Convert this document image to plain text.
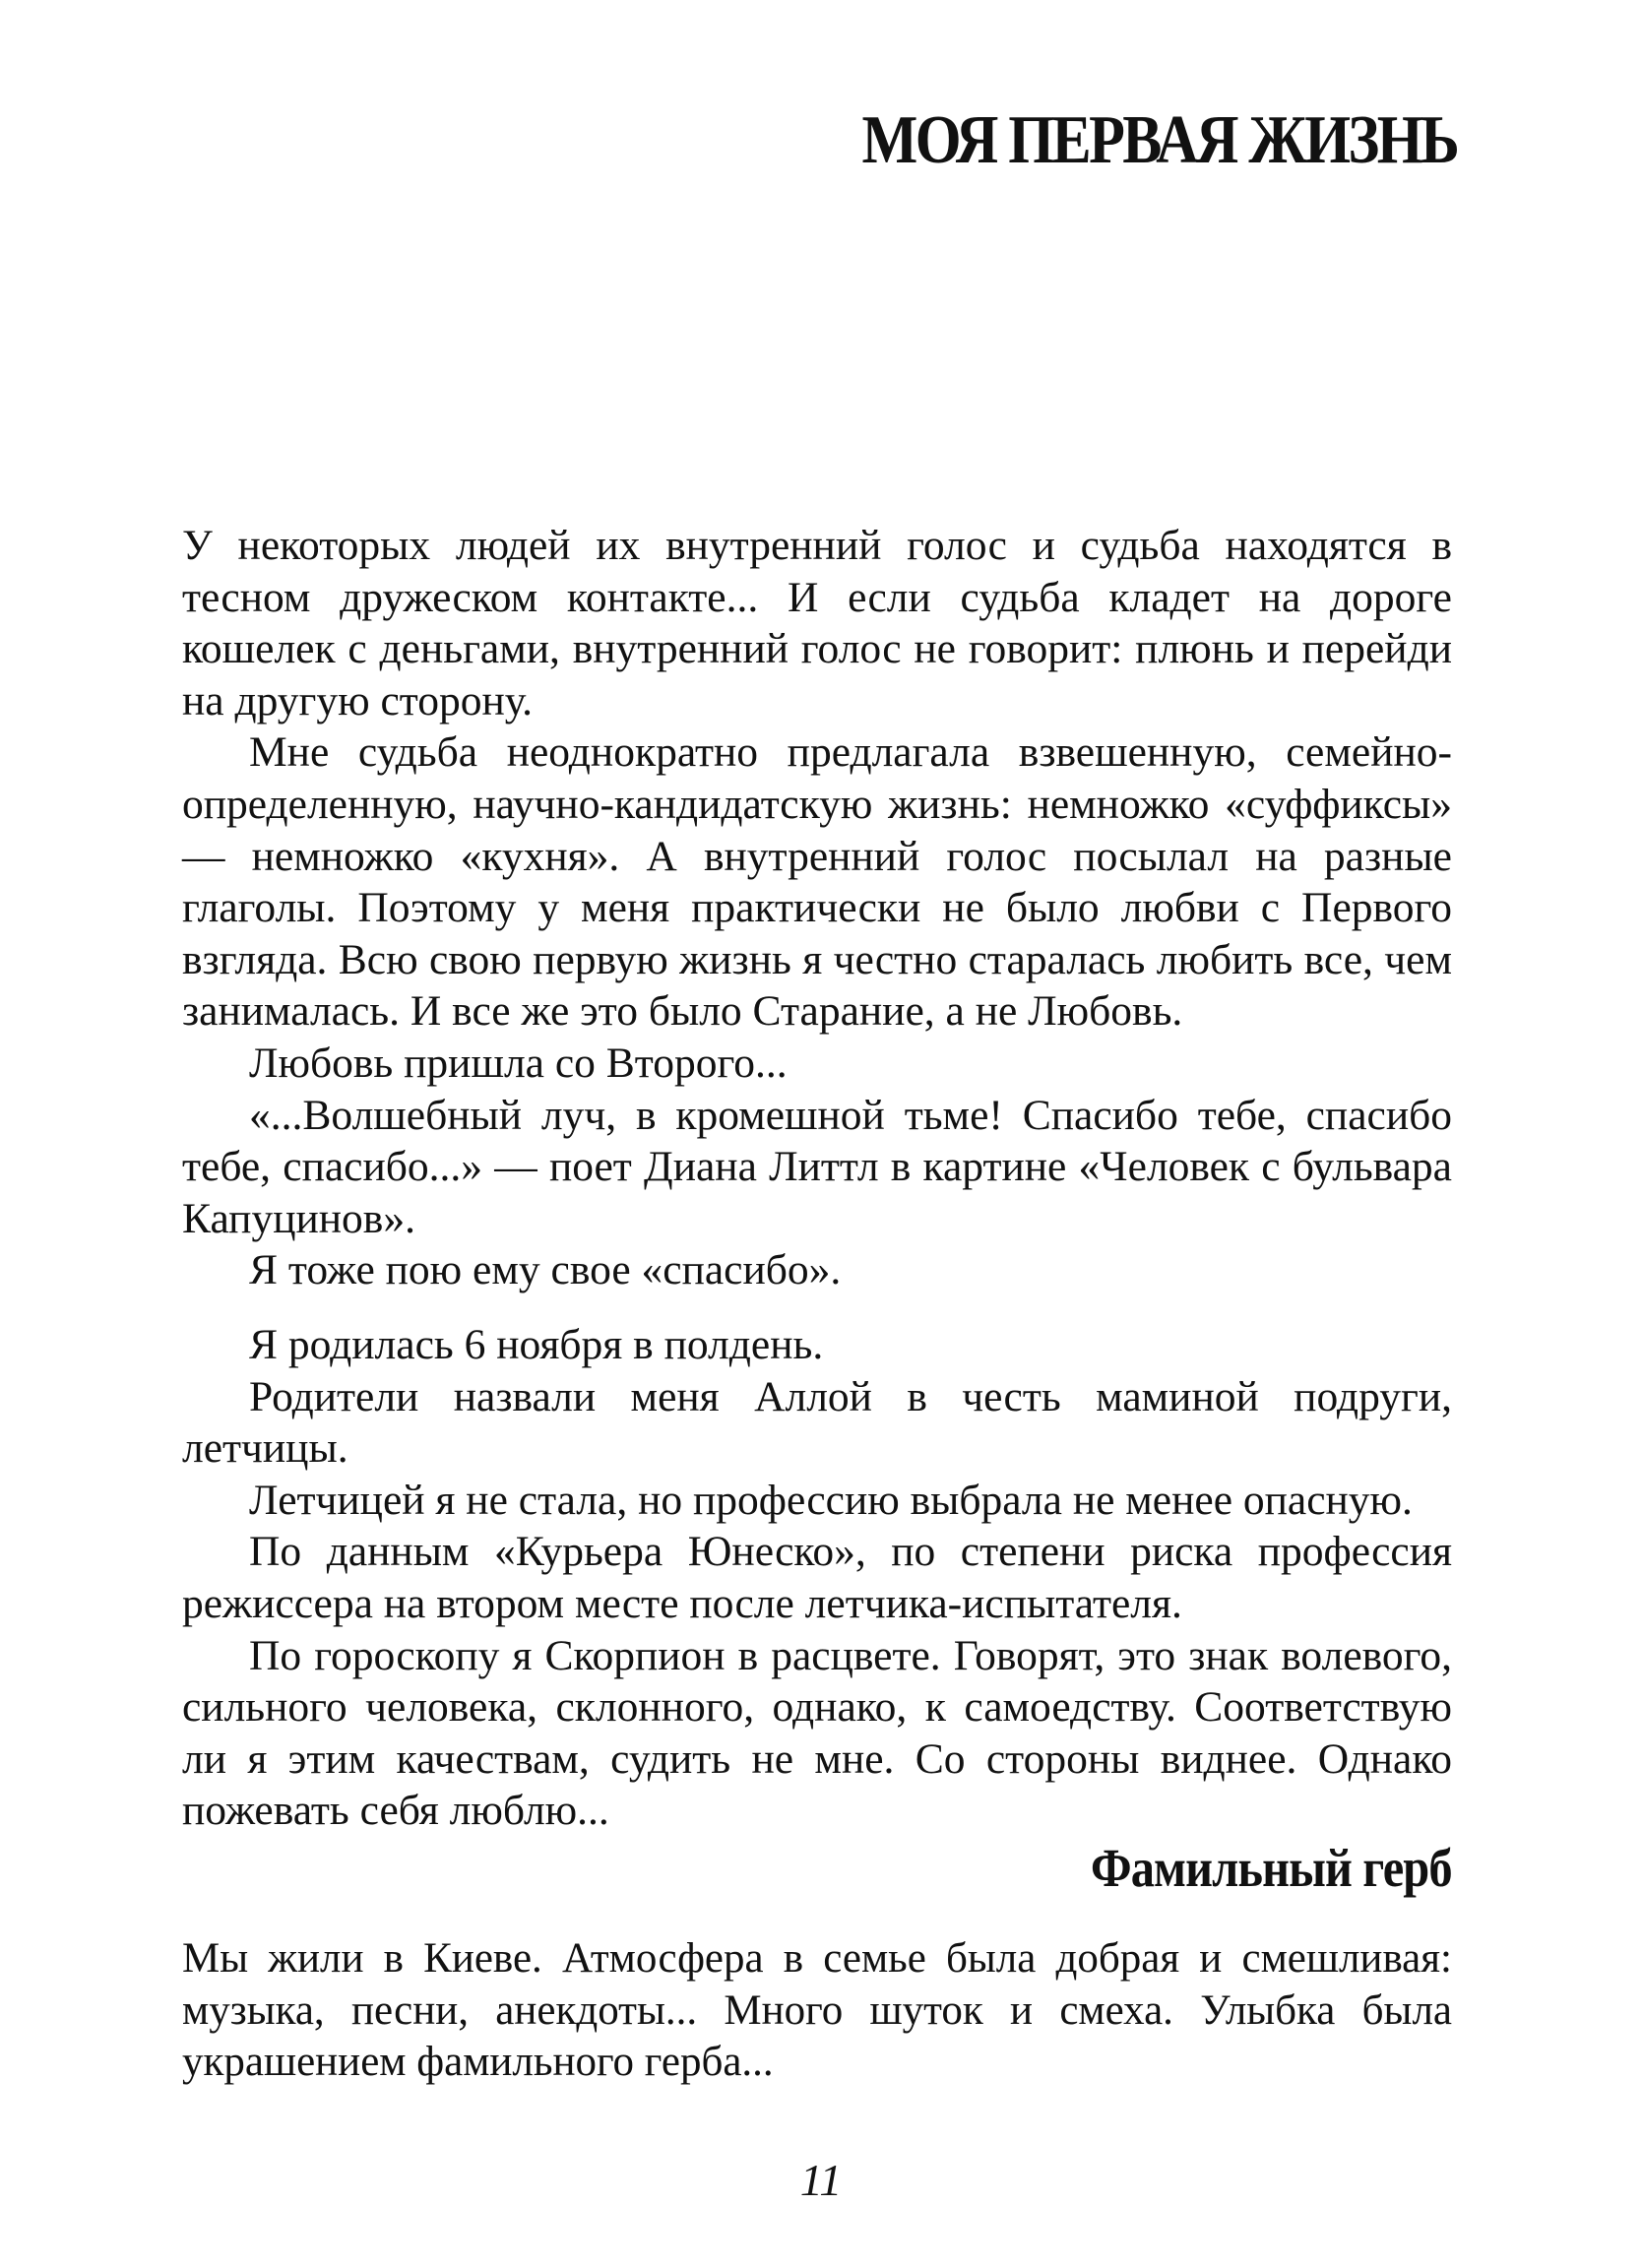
МОЯ ПЕРВАЯ ЖИЗНЬ

У некоторых людей их внутренний голос и судьба находятся в тесном дружеском контакте... И если судьба кладет на дороге кошелек с деньгами, внутренний голос не говорит: плюнь и перейди на другую сторону.

Мне судьба неоднократно предлагала взвешенную, семейно-определенную, научно-кандидатскую жизнь: немножко «суффиксы» — немножко «кухня». А внутренний голос посылал на разные глаголы. Поэтому у меня практически не было любви с Первого взгляда. Всю свою первую жизнь я честно старалась любить все, чем занималась. И все же это было Старание, а не Любовь.

Любовь пришла со Второго...

«...Волшебный луч, в кромешной тьме! Спасибо тебе, спасибо тебе, спасибо...» — поет Диана Литтл в картине «Человек с бульвара Капуцинов».

Я тоже пою ему свое «спасибо».

Я родилась 6 ноября в полдень.

Родители назвали меня Аллой в честь маминой подруги, летчицы.

Летчицей я не стала, но профессию выбрала не менее опасную.

По данным «Курьера Юнеско», по степени риска профессия режиссера на втором месте после летчика-испытателя.

По гороскопу я Скорпион в расцвете. Говорят, это знак волевого, сильного человека, склонного, однако, к самоедству. Соответствую ли я этим качествам, судить не мне. Со стороны виднее. Однако пожевать себя люблю...

Фамильный герб

Мы жили в Киеве. Атмосфера в семье была добрая и смешливая: музыка, песни, анекдоты... Много шуток и смеха. Улыбка была украшением фамильного герба...

11
